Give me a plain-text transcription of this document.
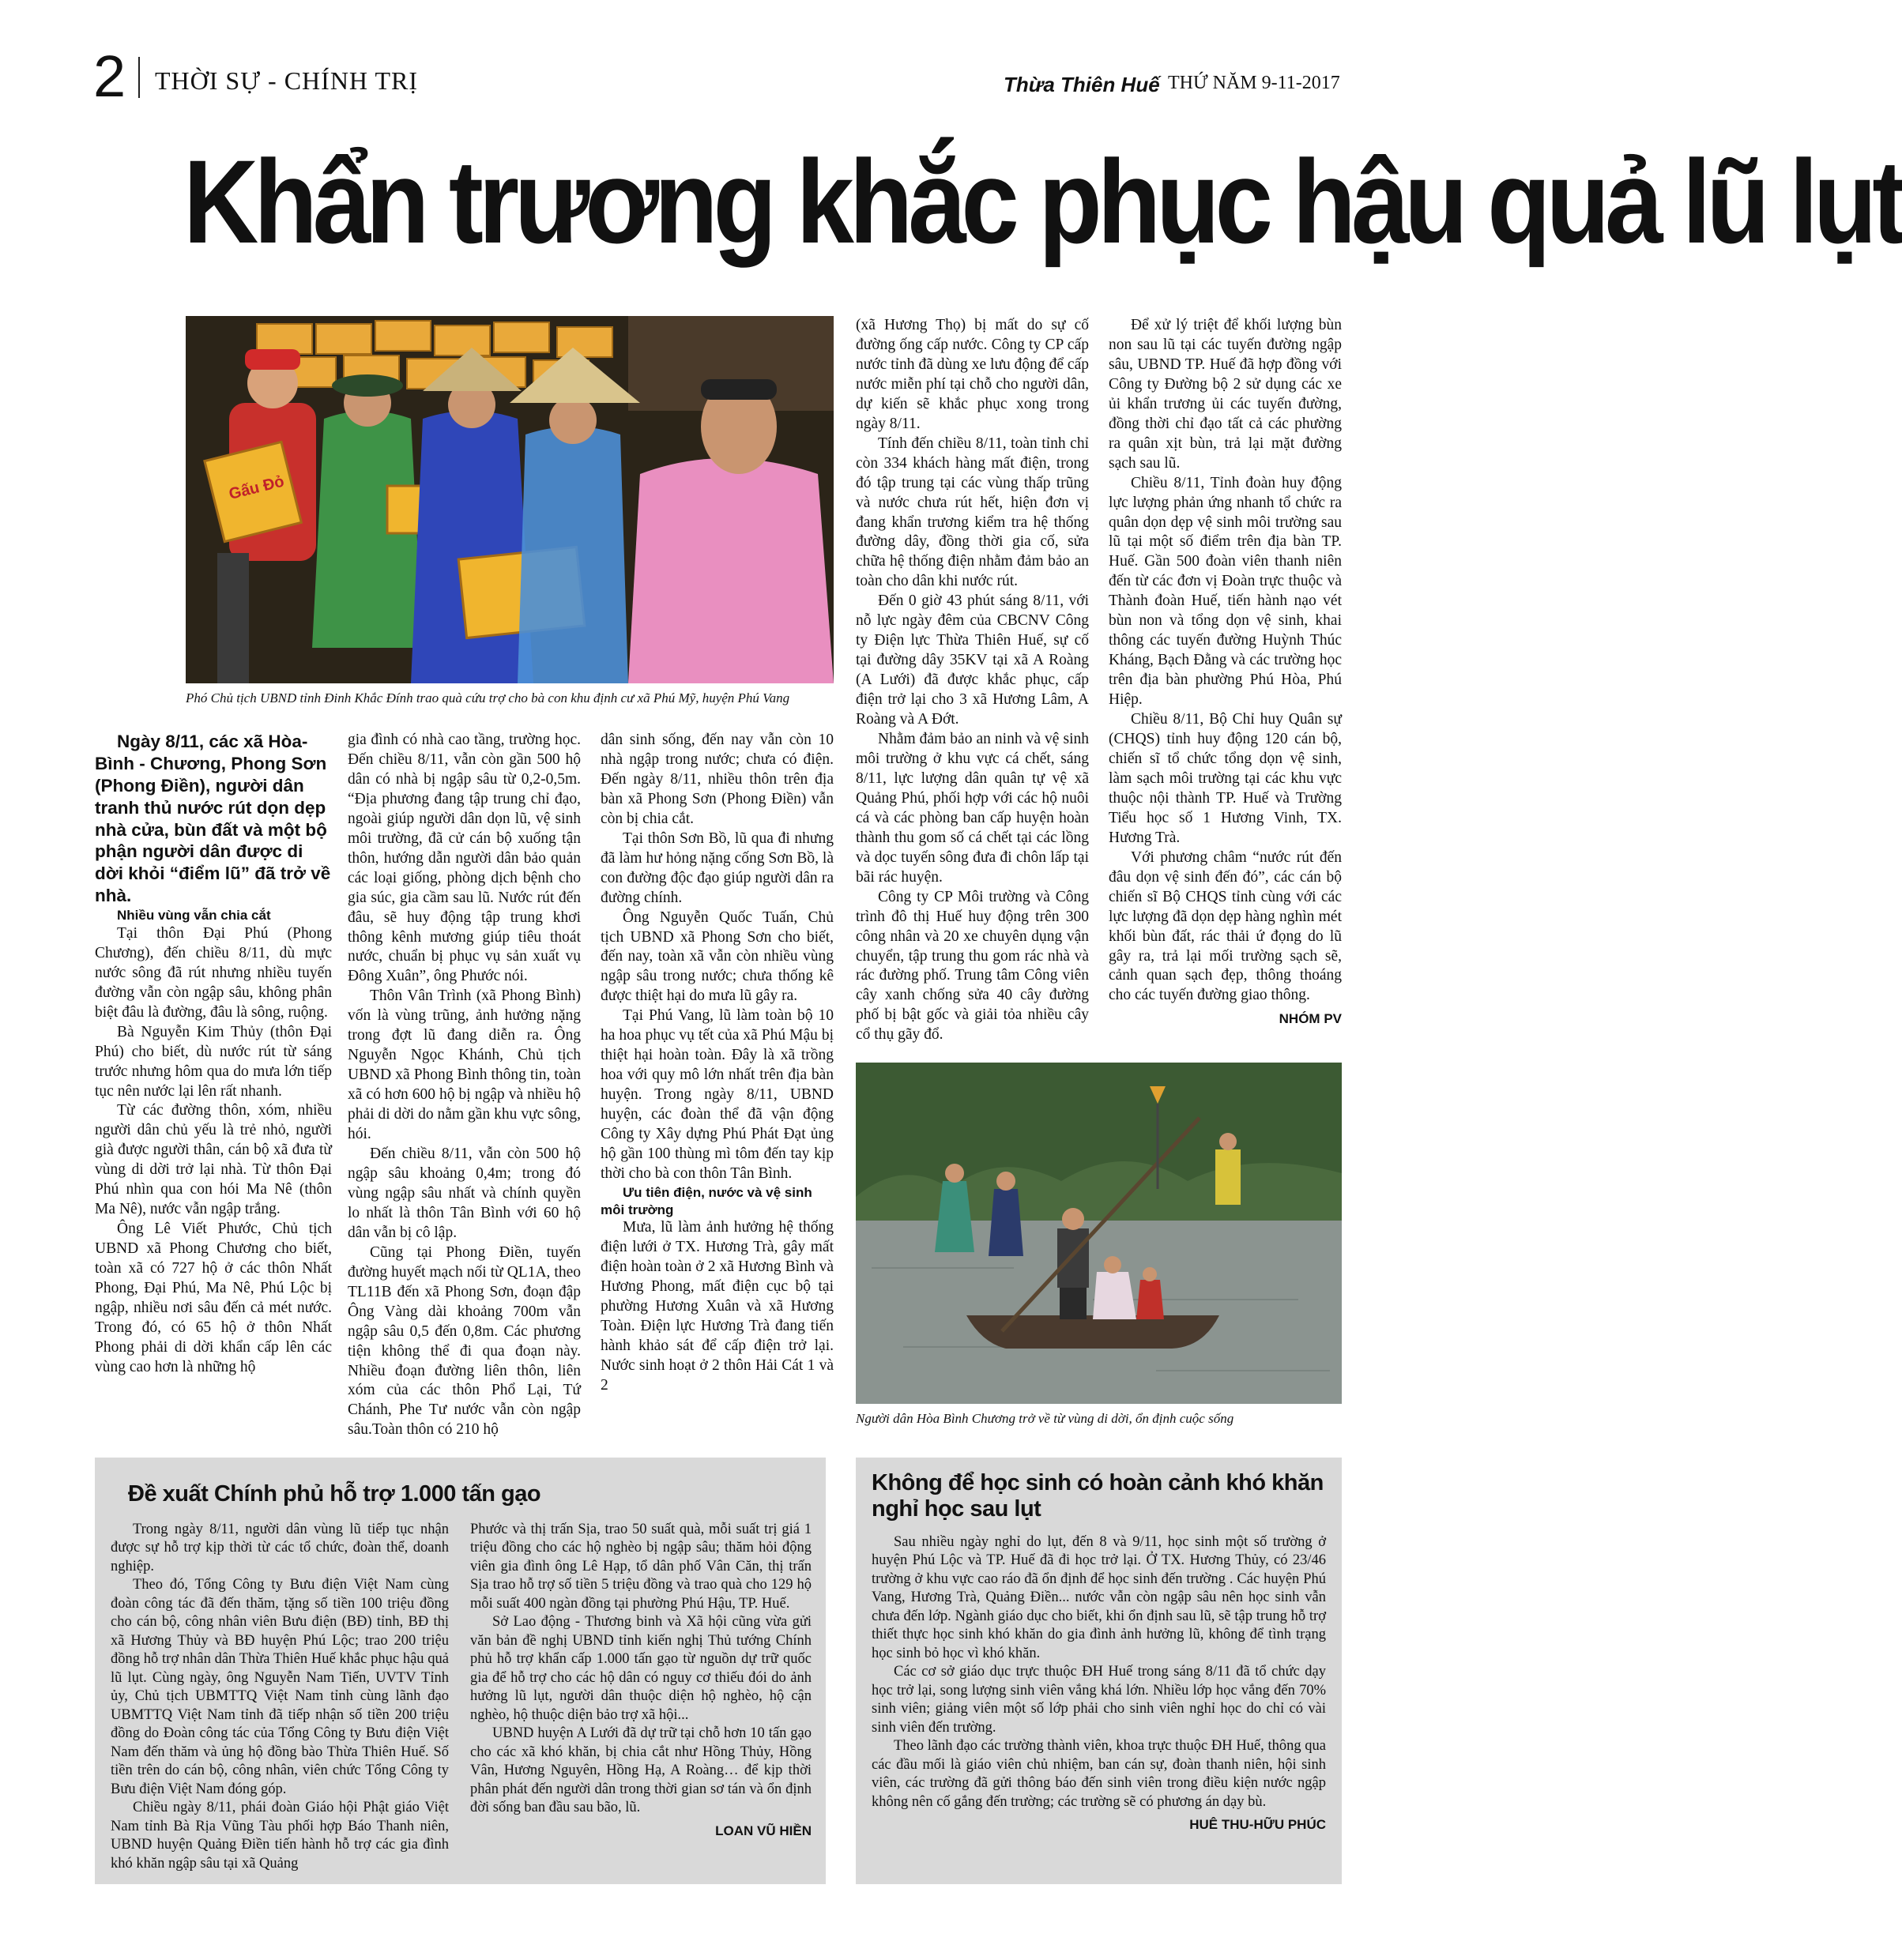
2 THỜI SỰ - CHÍNH TRỊ	Thừa Thiên Huế THỨ NĂM 9-11-2017
Khẩn trương khắc phục hậu quả lũ lụt
Gấu Đỏ
Phó Chủ tịch UBND tỉnh Đinh Khắc Đính trao quà cứu trợ cho bà con khu định cư xã Phú Mỹ, huyện Phú Vang

Ngày 8/11, các xã Hòa-Bình - Chương, Phong Sơn (Phong Điền), người dân tranh thủ nước rút dọn dẹp nhà cửa, bùn đất và một bộ phận người dân được di dời khỏi “điểm lũ” đã trở về nhà.

Nhiều vùng vẫn chia cắt

Tại thôn Đại Phú (Phong Chương), đến chiều 8/11, dù mực nước sông đã rút nhưng nhiều tuyến đường vẫn còn ngập sâu, không phân biệt đâu là đường, đâu là sông, ruộng.

Bà Nguyễn Kim Thủy (thôn Đại Phú) cho biết, dù nước rút từ sáng trước nhưng hôm qua do mưa lớn tiếp tục nên nước lại lên rất nhanh.

Từ các đường thôn, xóm, nhiều người dân chủ yếu là trẻ nhỏ, người già được người thân, cán bộ xã đưa từ vùng di dời trở lại nhà. Từ thôn Đại Phú nhìn qua con hói Ma Nê (thôn Ma Nê), nước vẫn ngập trắng.

Ông Lê Viết Phước, Chủ tịch UBND xã Phong Chương cho biết, toàn xã có 727 hộ ở các thôn Nhất Phong, Đại Phú, Ma Nê, Phú Lộc bị ngập, nhiều nơi sâu đến cả mét nước. Trong đó, có 65 hộ ở thôn Nhất Phong phải di dời khẩn cấp lên các vùng cao hơn là những hộ

gia đình có nhà cao tầng, trường học. Đến chiều 8/11, vẫn còn gần 500 hộ dân có nhà bị ngập sâu từ 0,2-0,5m. “Địa phương đang tập trung chỉ đạo, ngoài giúp người dân dọn lũ, vệ sinh môi trường, đã cử cán bộ xuống tận thôn, hướng dẫn người dân bảo quản các loại giống, phòng dịch bệnh cho gia súc, gia cầm sau lũ. Nước rút đến đâu, sẽ huy động tập trung khơi thông kênh mương giúp tiêu thoát nước, chuẩn bị phục vụ sản xuất vụ Đông Xuân”, ông Phước nói.

Thôn Vân Trình (xã Phong Bình) vốn là vùng trũng, ảnh hưởng nặng trong đợt lũ đang diễn ra. Ông Nguyễn Ngọc Khánh, Chủ tịch UBND xã Phong Bình thông tin, toàn xã có hơn 600 hộ bị ngập và nhiều hộ phải di dời do nằm gần khu vực sông, hói.

Đến chiều 8/11, vẫn còn 500 hộ ngập sâu khoảng 0,4m; trong đó vùng ngập sâu nhất và chính quyền lo nhất là thôn Tân Bình với 60 hộ dân vẫn bị cô lập.

Cũng tại Phong Điền, tuyến đường huyết mạch nối từ QL1A, theo TL11B đến xã Phong Sơn, đoạn đập Ông Vàng dài khoảng 700m vẫn ngập sâu 0,5 đến 0,8m. Các phương tiện không thể đi qua đoạn này. Nhiều đoạn đường liên thôn, liên xóm của các thôn Phổ Lại, Tứ Chánh, Phe Tư nước vẫn còn ngập sâu.Toàn thôn có 210 hộ

dân sinh sống, đến nay vẫn còn 10 nhà ngập trong nước; chưa có điện. Đến ngày 8/11, nhiều thôn trên địa bàn xã Phong Sơn (Phong Điền) vẫn còn bị chia cắt.

Tại thôn Sơn Bồ, lũ qua đi nhưng đã làm hư hỏng nặng cống Sơn Bồ, là con đường độc đạo giúp người dân ra đường chính.

Ông Nguyễn Quốc Tuấn, Chủ tịch UBND xã Phong Sơn cho biết, đến nay, toàn xã vẫn còn nhiều vùng ngập sâu trong nước; chưa thống kê được thiệt hại do mưa lũ gây ra.

Tại Phú Vang, lũ làm toàn bộ 10 ha hoa phục vụ tết của xã Phú Mậu bị thiệt hại hoàn toàn. Đây là xã trồng hoa với quy mô lớn nhất trên địa bàn huyện. Trong ngày 8/11, UBND huyện, các đoàn thể đã vận động Công ty Xây dựng Phú Phát Đạt ủng hộ gần 100 thùng mì tôm đến tay kịp thời cho bà con thôn Tân Bình.

Ưu tiên điện, nước và vệ sinh môi trường

Mưa, lũ làm ảnh hưởng hệ thống điện lưới ở TX. Hương Trà, gây mất điện hoàn toàn ở 2 xã Hương Bình và Hương Phong, mất điện cục bộ tại phường Hương Xuân và xã Hương Toàn. Điện lực Hương Trà đang tiến hành khảo sát để cấp điện trở lại. Nước sinh hoạt ở 2 thôn Hải Cát 1 và 2

(xã Hương Thọ) bị mất do sự cố đường ống cấp nước. Công ty CP cấp nước tỉnh đã dùng xe lưu động để cấp nước miễn phí tại chỗ cho người dân, dự kiến sẽ khắc phục xong trong ngày 8/11.

Tính đến chiều 8/11, toàn tỉnh chỉ còn 334 khách hàng mất điện, trong đó tập trung tại các vùng thấp trũng và nước chưa rút hết, hiện đơn vị đang khẩn trương kiểm tra hệ thống đường dây, đồng thời gia cố, sửa chữa hệ thống điện nhằm đảm bảo an toàn cho dân khi nước rút.

Đến 0 giờ 43 phút sáng 8/11, với nỗ lực ngày đêm của CBCNV Công ty Điện lực Thừa Thiên Huế, sự cố tại đường dây 35KV tại xã A Roàng (A Lưới) đã được khắc phục, cấp điện trở lại cho 3 xã Hương Lâm, A Roàng và A Đớt.

Nhằm đảm bảo an ninh và vệ sinh môi trường ở khu vực cá chết, sáng 8/11, lực lượng dân quân tự vệ xã Quảng Phú, phối hợp với các hộ nuôi cá và các phòng ban cấp huyện hoàn thành thu gom số cá chết tại các lồng và dọc tuyến sông đưa đi chôn lấp tại bãi rác huyện.

Công ty CP Môi trường và Công trình đô thị Huế huy động trên 300 công nhân và 20 xe chuyên dụng vận chuyển, tập trung thu gom rác nhà và rác đường phố. Trung tâm Công viên cây xanh chống sửa 40 cây đường phố bị bật gốc và giải tỏa nhiều cây cổ thụ gãy đổ.

Để xử lý triệt để khối lượng bùn non sau lũ tại các tuyến đường ngập sâu, UBND TP. Huế đã hợp đồng với Công ty Đường bộ 2 sử dụng các xe ủi khẩn trương ủi các tuyến đường, đồng thời chỉ đạo tất cả các phường ra quân xịt bùn, trả lại mặt đường sạch sau lũ.

Chiều 8/11, Tỉnh đoàn huy động lực lượng phản ứng nhanh tổ chức ra quân dọn dẹp vệ sinh môi trường sau lũ tại một số điểm trên địa bàn TP. Huế. Gần 500 đoàn viên thanh niên đến từ các đơn vị Đoàn trực thuộc và Thành đoàn Huế, tiến hành nạo vét bùn non và tổng dọn vệ sinh, khai thông các tuyến đường Huỳnh Thúc Kháng, Bạch Đằng và các trường học trên địa bàn phường Phú Hòa, Phú Hiệp.

Chiều 8/11, Bộ Chỉ huy Quân sự (CHQS) tỉnh huy động 120 cán bộ, chiến sĩ tổ chức tổng dọn vệ sinh, làm sạch môi trường tại các khu vực thuộc nội thành TP. Huế và Trường Tiểu học số 1 Hương Vinh, TX. Hương Trà.

Với phương châm “nước rút đến đâu dọn vệ sinh đến đó”, các cán bộ chiến sĩ Bộ CHQS tỉnh cùng với các lực lượng đã dọn dẹp hàng nghìn mét khối bùn đất, rác thải ứ đọng do lũ gây ra, trả lại mối trường sạch sẽ, cảnh quan sạch đẹp, thông thoáng cho các tuyến đường giao thông.

NHÓM PV
Người dân Hòa Bình Chương trở về từ vùng di dời, ổn định cuộc sống
Đề xuất Chính phủ hỗ trợ 1.000 tấn gạo

Trong ngày 8/11, người dân vùng lũ tiếp tục nhận được sự hỗ trợ kịp thời từ các tổ chức, đoàn thể, doanh nghiệp.

Theo đó, Tổng Công ty Bưu điện Việt Nam cùng đoàn công tác đã đến thăm, tặng số tiền 100 triệu đồng cho cán bộ, công nhân viên Bưu điện (BĐ) tỉnh, BĐ thị xã Hương Thủy và BĐ huyện Phú Lộc; trao 200 triệu đồng hỗ trợ nhân dân Thừa Thiên Huế khắc phục hậu quả lũ lụt. Cùng ngày, ông Nguyễn Nam Tiến, UVTV Tỉnh ủy, Chủ tịch UBMTTQ Việt Nam tỉnh cùng lãnh đạo UBMTTQ Việt Nam tỉnh đã tiếp nhận số tiền 200 triệu đồng do Đoàn công tác của Tổng Công ty Bưu điện Việt Nam đến thăm và ủng hộ đồng bào Thừa Thiên Huế. Số tiền trên do cán bộ, công nhân, viên chức Tổng Công ty Bưu điện Việt Nam đóng góp.

Chiều ngày 8/11, phái đoàn Giáo hội Phật giáo Việt Nam tỉnh Bà Rịa Vũng Tàu phối hợp Báo Thanh niên, UBND huyện Quảng Điền tiến hành hỗ trợ các gia đình khó khăn ngập sâu tại xã Quảng

Phước và thị trấn Sịa, trao 50 suất quà, mỗi suất trị giá 1 triệu đồng cho các hộ nghèo bị ngập sâu; thăm hỏi động viên gia đình ông Lê Hạp, tổ dân phố Vân Căn, thị trấn Sịa trao hỗ trợ số tiền 5 triệu đồng và trao quà cho 129 hộ mỗi suất 400 ngàn đồng tại phường Phú Hậu, TP. Huế.

Sở Lao động - Thương binh và Xã hội cũng vừa gửi văn bản đề nghị UBND tỉnh kiến nghị Thủ tướng Chính phủ hỗ trợ khẩn cấp 1.000 tấn gạo từ nguồn dự trữ quốc gia để hỗ trợ cho các hộ dân có nguy cơ thiếu đói do ảnh hưởng lũ lụt, người dân thuộc diện hộ nghèo, hộ cận nghèo, hộ thuộc diện bảo trợ xã hội...

UBND huyện A Lưới đã dự trữ tại chỗ hơn 10 tấn gạo cho các xã khó khăn, bị chia cắt như Hồng Thủy, Hồng Vân, Hương Nguyên, Hồng Hạ, A Roàng… để kịp thời phân phát đến người dân trong thời gian sơ tán và ổn định đời sống ban đầu sau bão, lũ.

LOAN VŨ HIỀN
Không để học sinh có hoàn cảnh khó khăn nghỉ học sau lụt

Sau nhiều ngày nghỉ do lụt, đến 8 và 9/11, học sinh một số trường ở huyện Phú Lộc và TP. Huế đã đi học trở lại. Ở TX. Hương Thủy, có 23/46 trường ở khu vực cao ráo đã ổn định để học sinh đến trường . Các huyện Phú Vang, Hương Trà, Quảng Điền... nước vẫn còn ngập sâu nên học sinh vẫn chưa đến lớp. Ngành giáo dục cho biết, khi ổn định sau lũ, sẽ tập trung hỗ trợ thiết thực học sinh khó khăn do gia đình ảnh hưởng lũ, không để tình trạng học sinh bỏ học vì khó khăn.

Các cơ sở giáo dục trực thuộc ĐH Huế trong sáng 8/11 đã tổ chức dạy học trở lại, song lượng sinh viên vắng khá lớn. Nhiều lớp học vắng đến 70% sinh viên; giảng viên một số lớp phải cho sinh viên nghỉ học do chỉ có vài sinh viên đến trường.

Theo lãnh đạo các trường thành viên, khoa trực thuộc ĐH Huế, thông qua các đầu mối là giáo viên chủ nhiệm, ban cán sự, đoàn thanh niên, hội sinh viên, các trường đã gửi thông báo đến sinh viên trong điều kiện nước ngập không nên cố gắng đến trường; các trường sẽ có phương án dạy bù.

HUÊ THU-HỮU PHÚC
